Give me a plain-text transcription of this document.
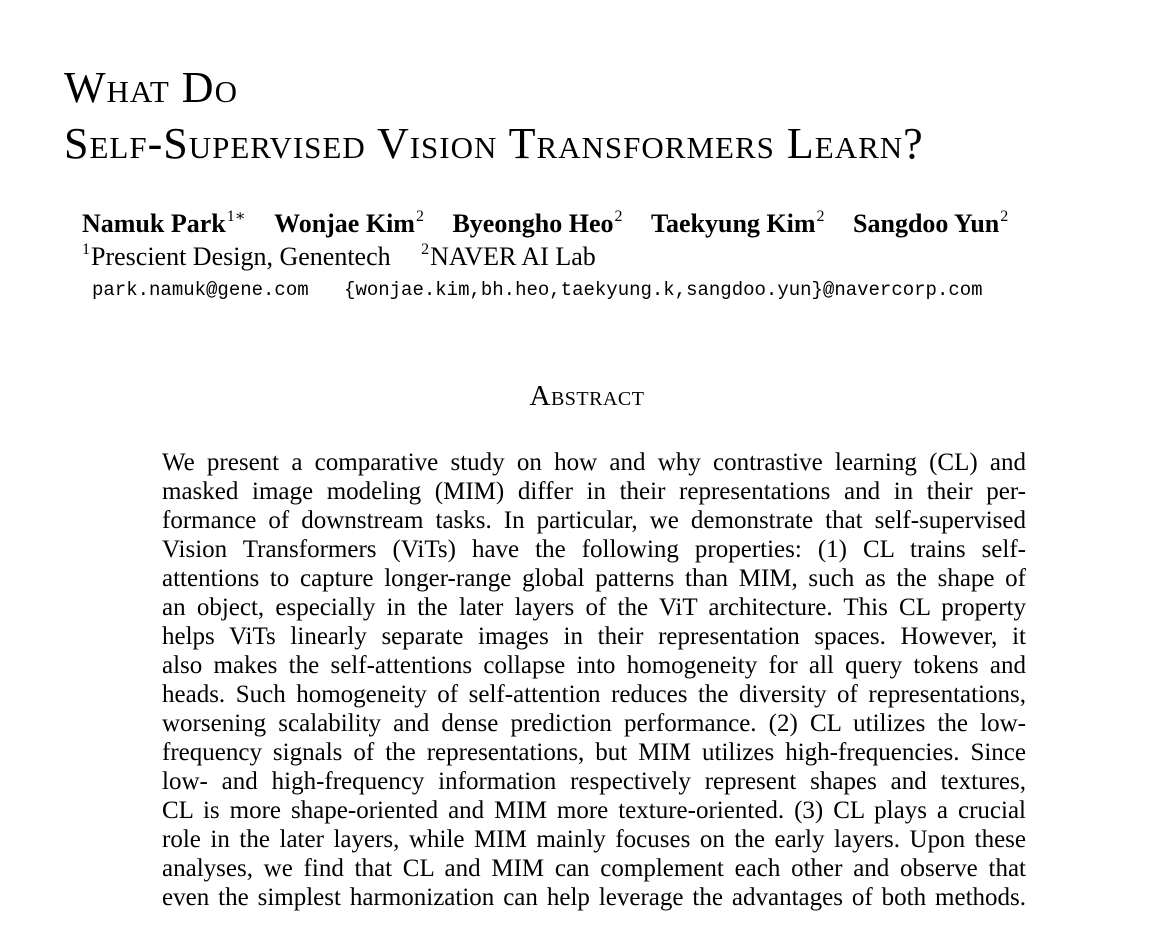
What Do
Self-Supervised Vision Transformers Learn?
Namuk Park$^{1∗}$ Wonjae Kim$^2$ Byeongho Heo$^2$ Taekyung Kim$^2$ Sangdoo Yun$^2$
$^1$Prescient Design, Genentech $^2$NAVER AI Lab
park.namuk@gene.com {wonjae.kim,bh.heo,taekyung.k,sangdoo.yun}@navercorp.com
Abstract
We present a comparative study on how and why contrastive learning (CL) and
masked image modeling (MIM) differ in their representations and in their per-
formance of downstream tasks. In particular, we demonstrate that self-supervised
Vision Transformers (ViTs) have the following properties: (1) CL trains self-
attentions to capture longer-range global patterns than MIM, such as the shape of
an object, especially in the later layers of the ViT architecture. This CL property
helps ViTs linearly separate images in their representation spaces. However, it
also makes the self-attentions collapse into homogeneity for all query tokens and
heads. Such homogeneity of self-attention reduces the diversity of representations,
worsening scalability and dense prediction performance. (2) CL utilizes the low-
frequency signals of the representations, but MIM utilizes high-frequencies. Since
low- and high-frequency information respectively represent shapes and textures,
CL is more shape-oriented and MIM more texture-oriented. (3) CL plays a crucial
role in the later layers, while MIM mainly focuses on the early layers. Upon these
analyses, we find that CL and MIM can complement each other and observe that
even the simplest harmonization can help leverage the advantages of both methods.
